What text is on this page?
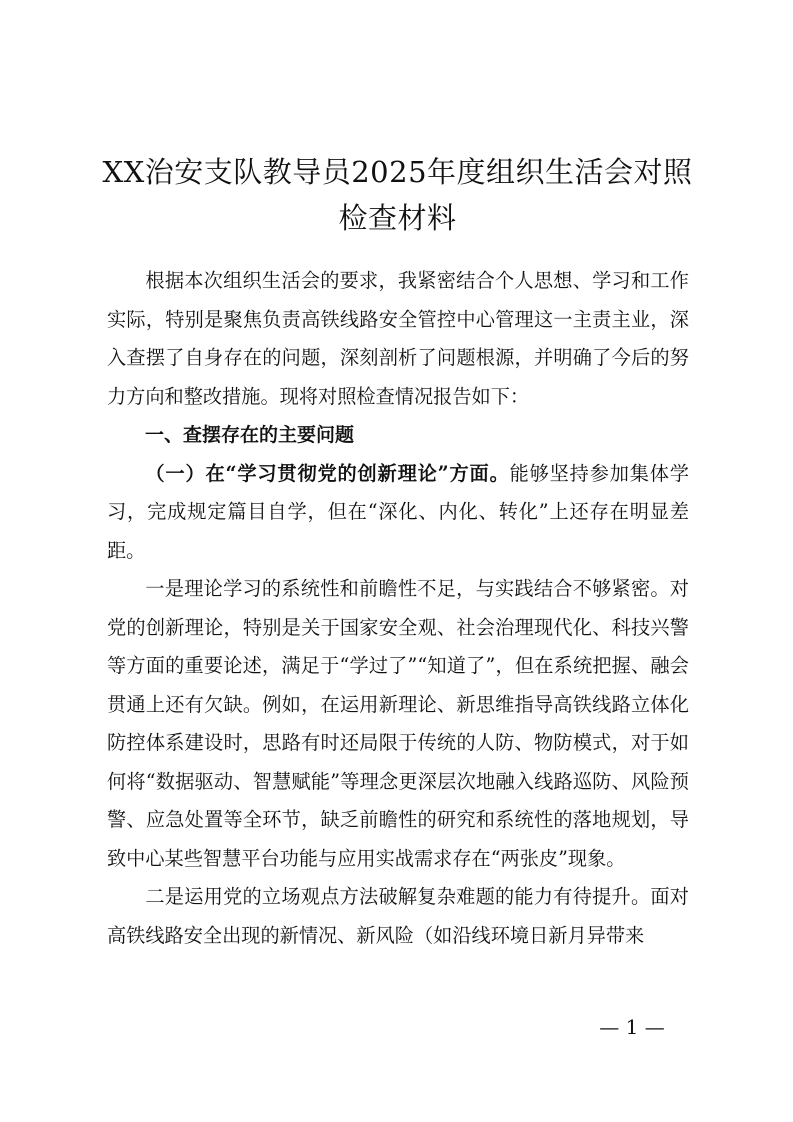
XX治安支队教导员2025年度组织生活会对照
检查材料

根据本次组织生活会的要求，我紧密结合个人思想、学习和工作实际，特别是聚焦负责高铁线路安全管控中心管理这一主责主业，深入查摆了自身存在的问题，深刻剖析了问题根源，并明确了今后的努力方向和整改措施。现将对照检查情况报告如下：

一、查摆存在的主要问题

（一）在“学习贯彻党的创新理论”方面。能够坚持参加集体学习，完成规定篇目自学，但在“深化、内化、转化”上还存在明显差距。

一是理论学习的系统性和前瞻性不足，与实践结合不够紧密。对党的创新理论，特别是关于国家安全观、社会治理现代化、科技兴警等方面的重要论述，满足于“学过了”“知道了”，但在系统把握、融会贯通上还有欠缺。例如，在运用新理论、新思维指导高铁线路立体化防控体系建设时，思路有时还局限于传统的人防、物防模式，对于如何将“数据驱动、智慧赋能”等理念更深层次地融入线路巡防、风险预警、应急处置等全环节，缺乏前瞻性的研究和系统性的落地规划，导致中心某些智慧平台功能与应用实战需求存在“两张皮”现象。

二是运用党的立场观点方法破解复杂难题的能力有待提升。面对高铁线路安全出现的新情况、新风险（如沿线环境日新月异带来

— 1 —
